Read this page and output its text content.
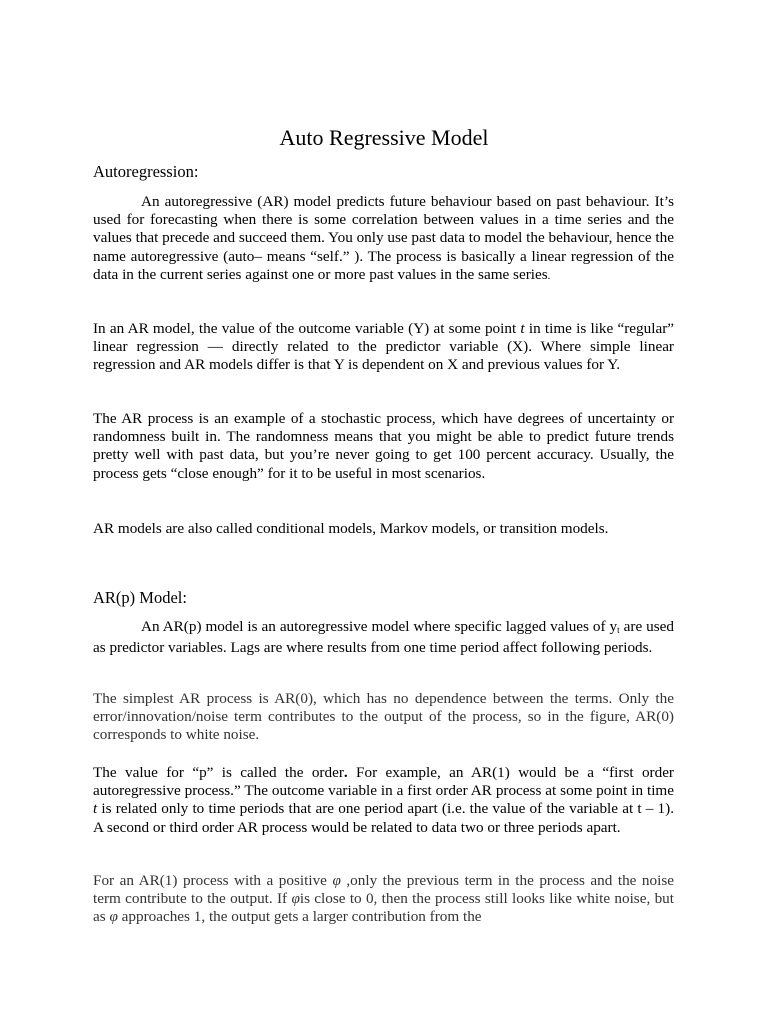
Auto Regressive Model
Autoregression:

An autoregressive (AR) model predicts future behaviour based on past behaviour. It’s used for forecasting when there is some correlation between values in a time series and the values that precede and succeed them. You only use past data to model the behaviour, hence the name autoregressive (auto– means “self.” ). The process is basically a linear regression of the data in the current series against one or more past values in the same series.

In an AR model, the value of the outcome variable (Y) at some point t in time is like “regular” linear regression — directly related to the predictor variable (X). Where simple linear regression and AR models differ is that Y is dependent on X and previous values for Y.

The AR process is an example of a stochastic process, which have degrees of uncertainty or randomness built in. The randomness means that you might be able to predict future trends pretty well with past data, but you’re never going to get 100 percent accuracy. Usually, the process gets “close enough” for it to be useful in most scenarios.

AR models are also called conditional models, Markov models, or transition models.

AR(p) Model:

An AR(p) model is an autoregressive model where specific lagged values of $y_t$ are used as predictor variables. Lags are where results from one time period affect following periods.

The simplest AR process is AR(0), which has no dependence between the terms. Only the error/innovation/noise term contributes to the output of the process, so in the figure, AR(0) corresponds to white noise.

The value for “p” is called the order. For example, an AR(1) would be a “first order autoregressive process.” The outcome variable in a first order AR process at some point in time t is related only to time periods that are one period apart (i.e. the value of the variable at t – 1). A second or third order AR process would be related to data two or three periods apart.

For an AR(1) process with a positive φ ,only the previous term in the process and the noise term contribute to the output. If φis close to 0, then the process still looks like white noise, but as φ approaches 1, the output gets a larger contribution from the
